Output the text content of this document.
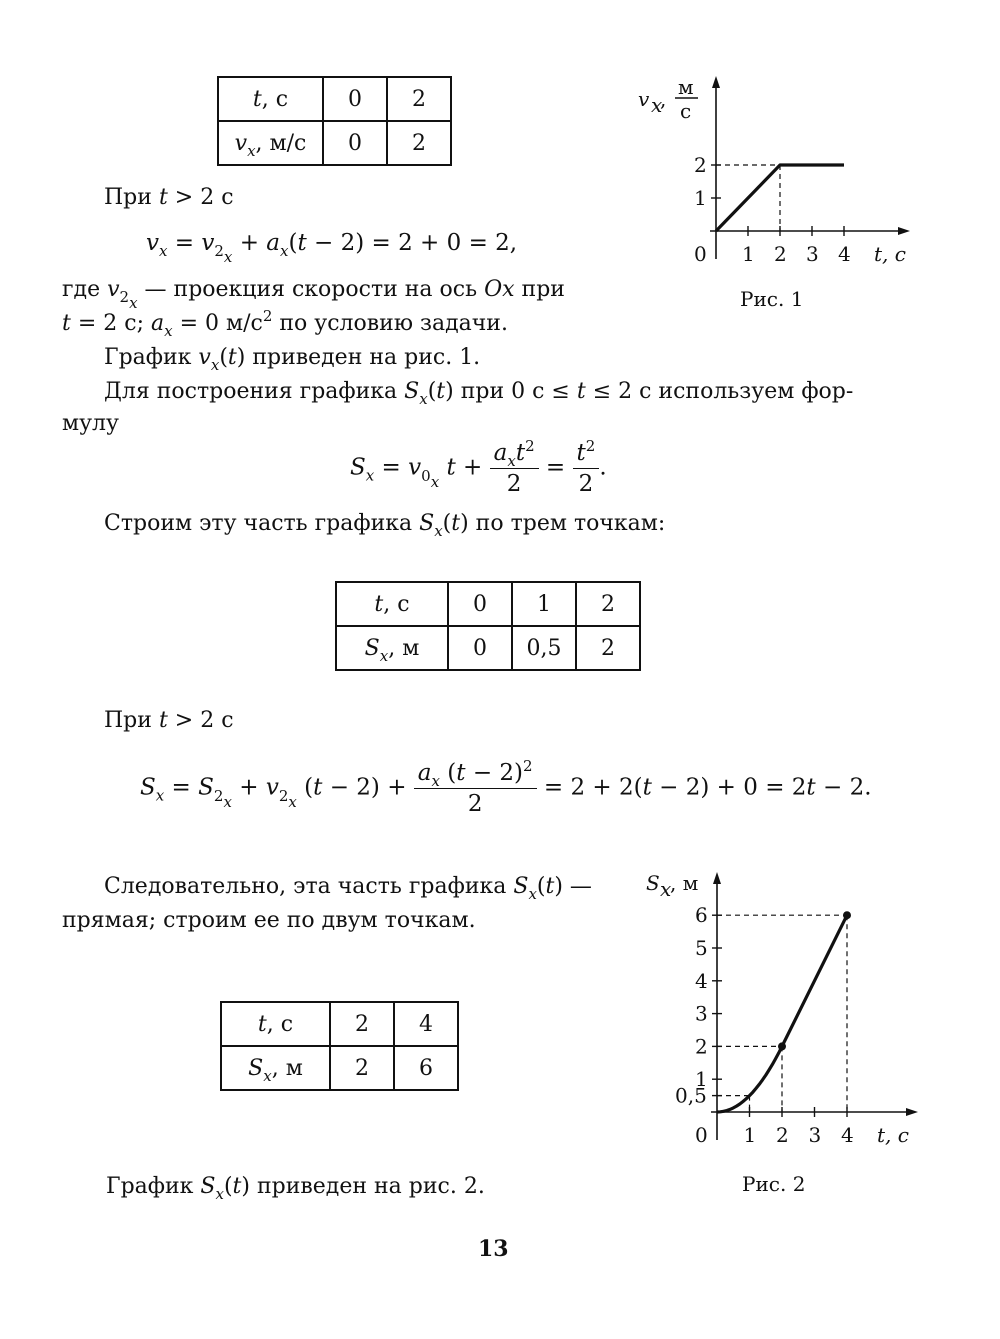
t, с	0	2
$v_x$, м/с	0	2
v x
, м
с
0 1 2 3 4 t, с
1
2
Рис. 1
При t > 2 с
$v_x = v_{2_x} + a_x(t - 2) = 2 + 0 = 2$,
где $v_{2_x}$ — проекция скорости на ось Ox при
t = 2 с; $a_x = 0$ $м/с^2$ по условию задачи.
График $v_x(t)$ приведен на рис. 1.
Для построения графика $S_x(t)$ при 0 с ≤ t ≤ 2 с используем фор-
мулу
$S_x = v_{0_x}$ $t + \frac{a_xt^2}{2} = \frac{t^2}{2}$ .
Строим эту часть графика $S_x(t)$ по трем точкам:
t, с	0	1	2
$S_x$, м	0	0,5	2
При t > 2 с
$S_x = S_{2_x} + v_{2_x}$ $(t - 2) + \frac{a_x (t - 2)^2}{2} = 2 + 2(t - 2) + 0 = 2t - 2$.
Следовательно, эта часть графика $S_x(t)$ —
прямая; строим ее по двум точкам.
t, с	2	4
$S_x$, м	2	6
График $S_x(t)$ приведен на рис. 2.
S x
, м
0 1 2 3 4 t, с
0,5
1
2
3
4
5
6
Рис. 2
13
